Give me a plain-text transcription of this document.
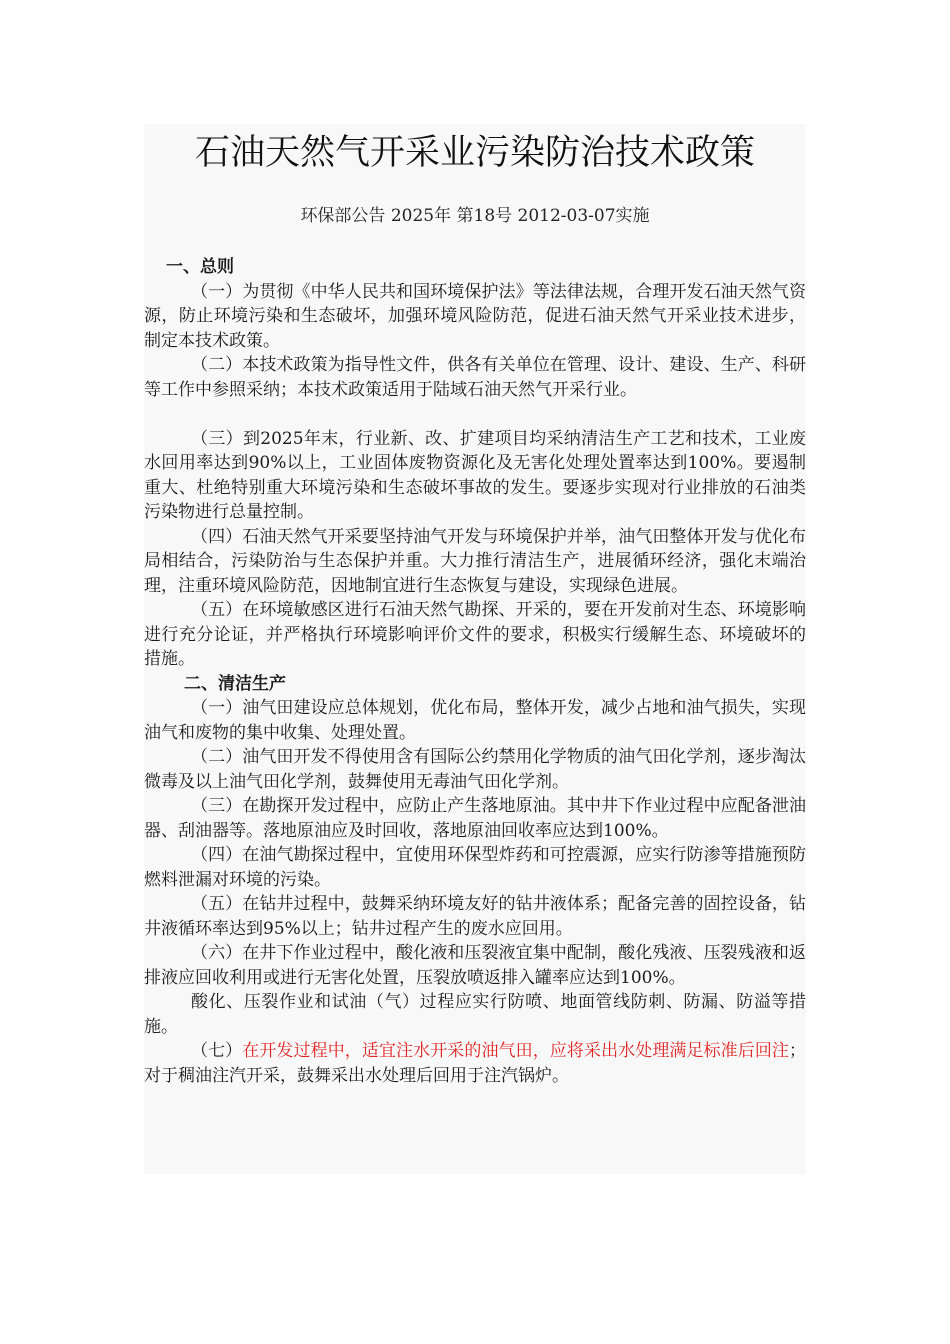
石油天然气开采业污染防治技术政策
环保部公告 2025年 第18号 2012-03-07实施

一、总则

（一）为贯彻《中华人民共和国环境保护法》等法律法规，合理开发石油天然气资源，防止环境污染和生态破坏，加强环境风险防范，促进石油天然气开采业技术进步，制定本技术政策。

（二）本技术政策为指导性文件，供各有关单位在管理、设计、建设、生产、科研等工作中参照采纳；本技术政策适用于陆域石油天然气开采行业。

（三）到2025年末，行业新、改、扩建项目均采纳清洁生产工艺和技术，工业废水回用率达到90%以上，工业固体废物资源化及无害化处理处置率达到100%。要遏制重大、杜绝特别重大环境污染和生态破坏事故的发生。要逐步实现对行业排放的石油类污染物进行总量控制。

（四）石油天然气开采要坚持油气开发与环境保护并举，油气田整体开发与优化布局相结合，污染防治与生态保护并重。大力推行清洁生产，进展循环经济，强化末端治理，注重环境风险防范，因地制宜进行生态恢复与建设，实现绿色进展。

（五）在环境敏感区进行石油天然气勘探、开采的，要在开发前对生态、环境影响进行充分论证，并严格执行环境影响评价文件的要求，积极实行缓解生态、环境破坏的措施。

二、清洁生产

（一）油气田建设应总体规划，优化布局，整体开发，减少占地和油气损失，实现油气和废物的集中收集、处理处置。

（二）油气田开发不得使用含有国际公约禁用化学物质的油气田化学剂，逐步淘汰微毒及以上油气田化学剂，鼓舞使用无毒油气田化学剂。

（三）在勘探开发过程中，应防止产生落地原油。其中井下作业过程中应配备泄油器、刮油器等。落地原油应及时回收，落地原油回收率应达到100%。

（四）在油气勘探过程中，宜使用环保型炸药和可控震源，应实行防渗等措施预防燃料泄漏对环境的污染。

（五）在钻井过程中，鼓舞采纳环境友好的钻井液体系；配备完善的固控设备，钻井液循环率达到95%以上；钻井过程产生的废水应回用。

（六）在井下作业过程中，酸化液和压裂液宜集中配制，酸化残液、压裂残液和返排液应回收利用或进行无害化处置，压裂放喷返排入罐率应达到100%。

酸化、压裂作业和试油（气）过程应实行防喷、地面管线防刺、防漏、防溢等措施。

（七）在开发过程中，适宜注水开采的油气田，应将采出水处理满足标准后回注；对于稠油注汽开采，鼓舞采出水处理后回用于注汽锅炉。
